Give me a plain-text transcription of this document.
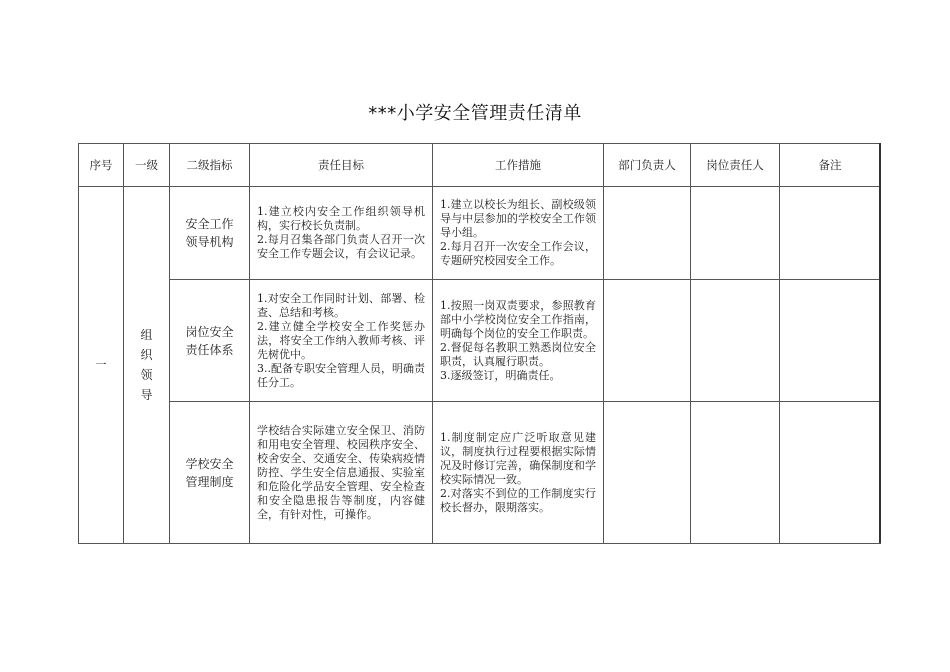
***小学安全管理责任清单
序号	一级	二级指标	责任目标	工作措施	部门负责人	岗位责任人	备注
一	组织领导	安全工作领导机构	1.建立校内安全工作组织领导机构，实行校长负责制。
2.每月召集各部门负责人召开一次安全工作专题会议，有会议记录。	1.建立以校长为组长、副校级领导与中层参加的学校安全工作领导小组。
2.每月召开一次安全工作会议，专题研究校园安全工作。			

		岗位安全责任体系	1.对安全工作同时计划、部署、检查、总结和考核。
2.建立健全学校安全工作奖惩办法，将安全工作纳入教师考核、评先树优中。
3..配备专职安全管理人员，明确责任分工。	1.按照一岗双责要求，参照教育部中小学校岗位安全工作指南，明确每个岗位的安全工作职责。
2.督促每名教职工熟悉岗位安全职责，认真履行职责。
3.逐级签订，明确责任。			

		学校安全管理制度	学校结合实际建立安全保卫、消防和用电安全管理、校园秩序安全、校舍安全、交通安全、传染病疫情防控、学生安全信息通报、实验室和危险化学品安全管理、安全检查和安全隐患报告等制度，内容健全，有针对性，可操作。	1.制度制定应广泛听取意见建议，制度执行过程要根据实际情况及时修订完善，确保制度和学校实际情况一致。
2.对落实不到位的工作制度实行校长督办，限期落实。			
